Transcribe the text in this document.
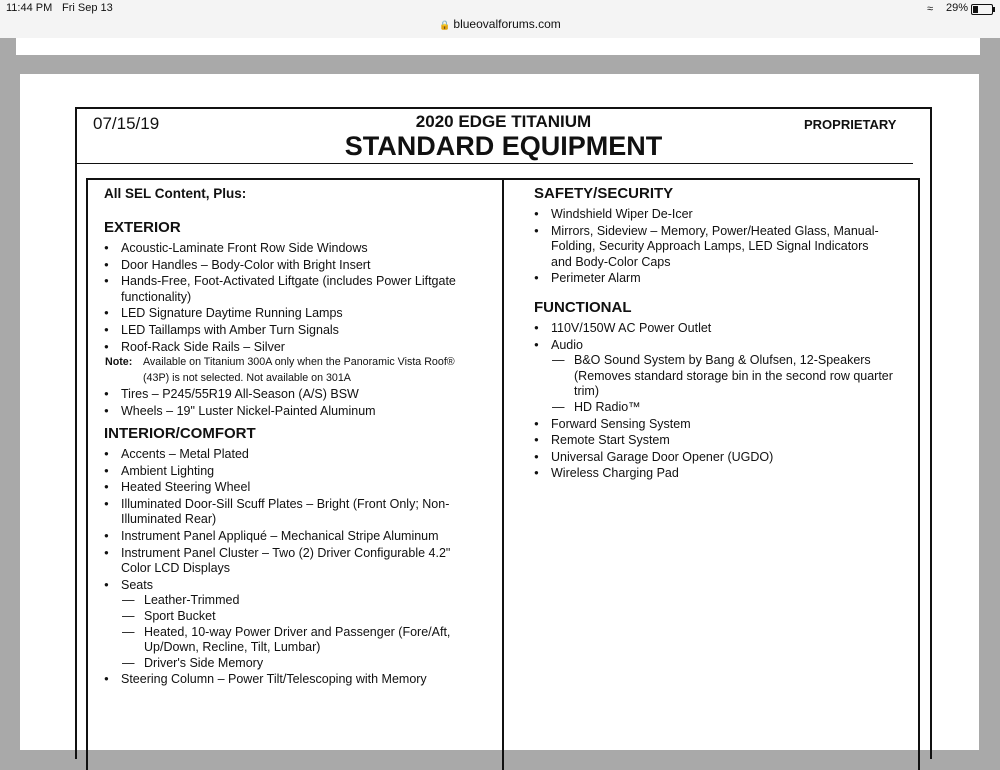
11:44 PM Fri Sep 13
🔒 blueovalforums.com
≈ 29%
07/15/19	2020 EDGE TITANIUM
STANDARD EQUIPMENT
PROPRIETARY
All SEL Content, Plus:
EXTERIOR
● Acoustic-Laminate Front Row Side Windows
● Door Handles – Body-Color with Bright Insert
● Hands-Free, Foot-Activated Liftgate (includes Power Liftgate functionality)
● LED Signature Daytime Running Lamps
● LED Taillamps with Amber Turn Signals
● Roof-Rack Side Rails – Silver
Note: Available on Titanium 300A only when the Panoramic Vista Roof® (43P) is not selected. Not available on 301A
● Tires – P245/55R19 All-Season (A/S) BSW
● Wheels – 19" Luster Nickel-Painted Aluminum
INTERIOR/COMFORT
● Accents – Metal Plated
● Ambient Lighting
● Heated Steering Wheel
● Illuminated Door-Sill Scuff Plates – Bright (Front Only; Non-Illuminated Rear)
● Instrument Panel Appliqué – Mechanical Stripe Aluminum
● Instrument Panel Cluster – Two (2) Driver Configurable 4.2" Color LCD Displays
● Seats
— Leather-Trimmed
— Sport Bucket
— Heated, 10-way Power Driver and Passenger (Fore/Aft, Up/Down, Recline, Tilt, Lumbar)
— Driver's Side Memory
● Steering Column – Power Tilt/Telescoping with Memory
SAFETY/SECURITY
● Windshield Wiper De-Icer
● Mirrors, Sideview – Memory, Power/Heated Glass, Manual-Folding, Security Approach Lamps, LED Signal Indicators and Body-Color Caps
● Perimeter Alarm
FUNCTIONAL
● 110V/150W AC Power Outlet
● Audio
— B&O Sound System by Bang & Olufsen, 12-Speakers (Removes standard storage bin in the second row quarter trim)
— HD Radio™
● Forward Sensing System
● Remote Start System
● Universal Garage Door Opener (UGDO)
● Wireless Charging Pad
